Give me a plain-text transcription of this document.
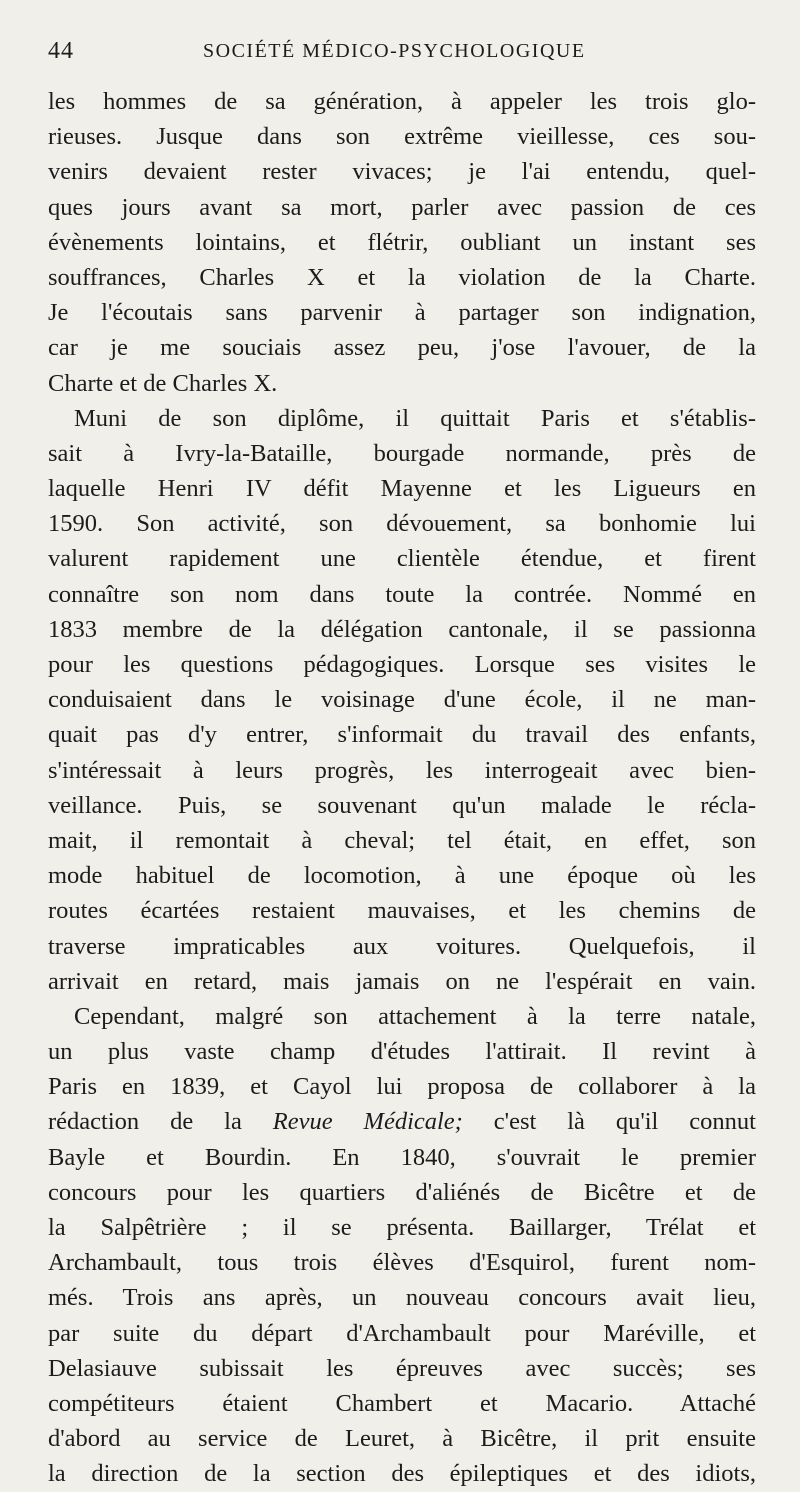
44	SOCIÉTÉ MÉDICO-PSYCHOLOGIQUE
les hommes de sa génération, à appeler les trois glo-
rieuses. Jusque dans son extrême vieillesse, ces sou-
venirs devaient rester vivaces; je l'ai entendu, quel-
ques jours avant sa mort, parler avec passion de ces
évènements lointains, et flétrir, oubliant un instant ses
souffrances, Charles X et la violation de la Charte.
Je l'écoutais sans parvenir à partager son indignation,
car je me souciais assez peu, j'ose l'avouer, de la
Charte et de Charles X.
Muni de son diplôme, il quittait Paris et s'établis-
sait à Ivry-la-Bataille, bourgade normande, près de
laquelle Henri IV défit Mayenne et les Ligueurs en
1590. Son activité, son dévouement, sa bonhomie lui
valurent rapidement une clientèle étendue, et firent
connaître son nom dans toute la contrée. Nommé en
1833 membre de la délégation cantonale, il se passionna
pour les questions pédagogiques. Lorsque ses visites le
conduisaient dans le voisinage d'une école, il ne man-
quait pas d'y entrer, s'informait du travail des enfants,
s'intéressait à leurs progrès, les interrogeait avec bien-
veillance. Puis, se souvenant qu'un malade le récla-
mait, il remontait à cheval; tel était, en effet, son
mode habituel de locomotion, à une époque où les
routes écartées restaient mauvaises, et les chemins de
traverse impraticables aux voitures. Quelquefois, il
arrivait en retard, mais jamais on ne l'espérait en vain.
Cependant, malgré son attachement à la terre natale,
un plus vaste champ d'études l'attirait. Il revint à
Paris en 1839, et Cayol lui proposa de collaborer à la
rédaction de la Revue Médicale; c'est là qu'il connut
Bayle et Bourdin. En 1840, s'ouvrait le premier
concours pour les quartiers d'aliénés de Bicêtre et de
la Salpêtrière ; il se présenta. Baillarger, Trélat et
Archambault, tous trois élèves d'Esquirol, furent nom-
més. Trois ans après, un nouveau concours avait lieu,
par suite du départ d'Archambault pour Maréville, et
Delasiauve subissait les épreuves avec succès; ses
compétiteurs étaient Chambert et Macario. Attaché
d'abord au service de Leuret, à Bicêtre, il prit ensuite
la direction de la section des épileptiques et des idiots,
